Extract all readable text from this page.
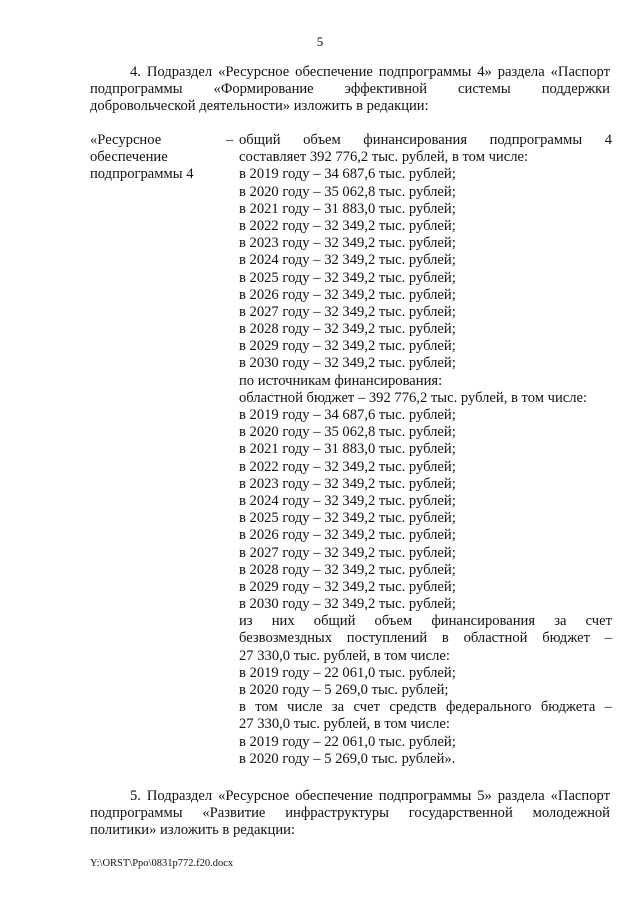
5
4. Подраздел «Ресурсное обеспечение подпрограммы 4» раздела «Паспорт
подпрограммы «Формирование эффективной системы поддержки
добровольческой деятельности» изложить в редакции:
«Ресурсное
обеспечение
подпрограммы 4
– общий объем финансирования подпрограммы 4
составляет 392 776,2 тыс. рублей, в том числе:
в 2019 году – 34 687,6 тыс. рублей;
в 2020 году – 35 062,8 тыс. рублей;
в 2021 году – 31 883,0 тыс. рублей;
в 2022 году – 32 349,2 тыс. рублей;
в 2023 году – 32 349,2 тыс. рублей;
в 2024 году – 32 349,2 тыс. рублей;
в 2025 году – 32 349,2 тыс. рублей;
в 2026 году – 32 349,2 тыс. рублей;
в 2027 году – 32 349,2 тыс. рублей;
в 2028 году – 32 349,2 тыс. рублей;
в 2029 году – 32 349,2 тыс. рублей;
в 2030 году – 32 349,2 тыс. рублей;
по источникам финансирования:
областной бюджет – 392 776,2 тыс. рублей, в том числе:
в 2019 году – 34 687,6 тыс. рублей;
в 2020 году – 35 062,8 тыс. рублей;
в 2021 году – 31 883,0 тыс. рублей;
в 2022 году – 32 349,2 тыс. рублей;
в 2023 году – 32 349,2 тыс. рублей;
в 2024 году – 32 349,2 тыс. рублей;
в 2025 году – 32 349,2 тыс. рублей;
в 2026 году – 32 349,2 тыс. рублей;
в 2027 году – 32 349,2 тыс. рублей;
в 2028 году – 32 349,2 тыс. рублей;
в 2029 году – 32 349,2 тыс. рублей;
в 2030 году – 32 349,2 тыс. рублей;
из них общий объем финансирования за счет
безвозмездных поступлений в областной бюджет –
27 330,0 тыс. рублей, в том числе:
в 2019 году – 22 061,0 тыс. рублей;
в 2020 году – 5 269,0 тыс. рублей;
в том числе за счет средств федерального бюджета –
27 330,0 тыс. рублей, в том числе:
в 2019 году – 22 061,0 тыс. рублей;
в 2020 году – 5 269,0 тыс. рублей».
5. Подраздел «Ресурсное обеспечение подпрограммы 5» раздела «Паспорт
подпрограммы «Развитие инфраструктуры государственной молодежной
политики» изложить в редакции:
Y:\ORST\Ppo\0831p772.f20.docx
